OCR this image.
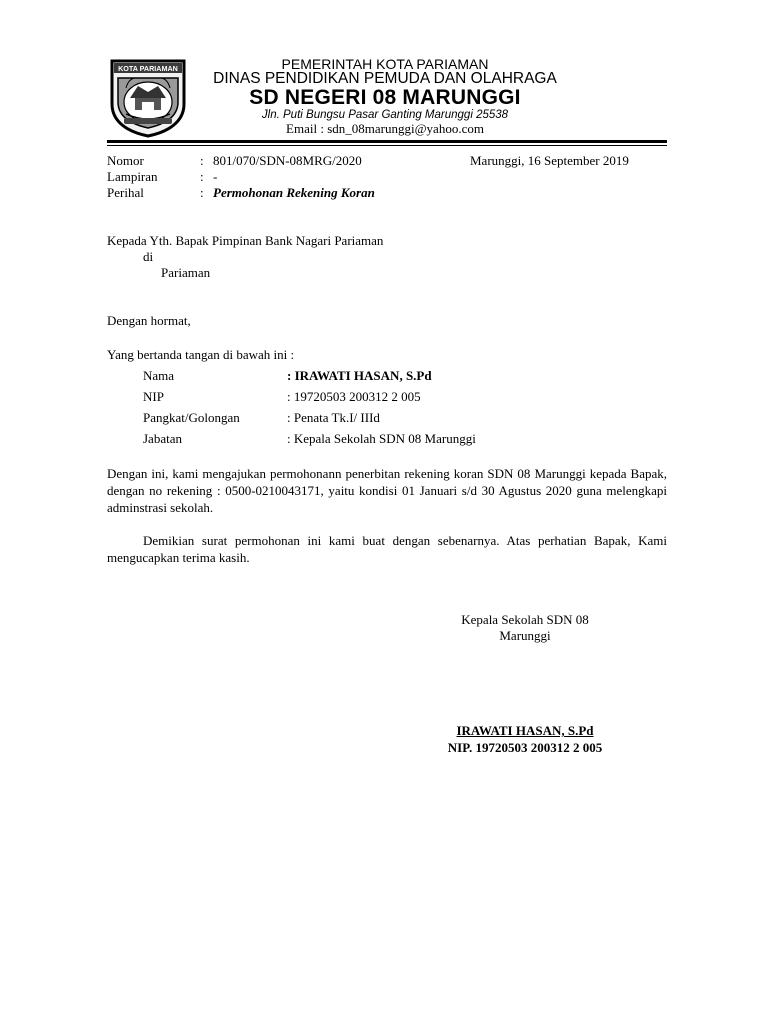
KOTA PARIAMAN	PEMERINTAH KOTA PARIAMAN
DINAS PENDIDIKAN PEMUDA DAN OLAHRAGA
SD NEGERI 08 MARUNGGI
Jln. Puti Bungsu Pasar Ganting Marunggi 25538
Email : sdn_08marunggi@yahoo.com
Nomor	: 801/070/SDN-08MRG/2020	Marunggi, 16 September 2019
Lampiran	: -
Perihal	: Permohonan Rekening Koran
Kepada Yth. Bapak Pimpinan Bank Nagari Pariaman
di
Pariaman
Dengan hormat,
Yang bertanda tangan di bawah ini :
Nama	: IRAWATI HASAN, S.Pd
NIP	: 19720503 200312 2 005
Pangkat/Golongan	: Penata Tk.I/ IIId
Jabatan	: Kepala Sekolah SDN 08 Marunggi
Dengan ini, kami mengajukan permohonann penerbitan rekening koran SDN 08 Marunggi kepada Bapak, dengan no rekening : 0500-0210043171, yaitu kondisi 01 Januari s/d 30 Agustus 2020 guna melengkapi adminstrasi sekolah.
Demikian surat permohonan ini kami buat dengan sebenarnya. Atas perhatian Bapak, Kami mengucapkan terima kasih.
Kepala Sekolah SDN 08
Marunggi
IRAWATI HASAN, S.Pd
NIP. 19720503 200312 2 005
